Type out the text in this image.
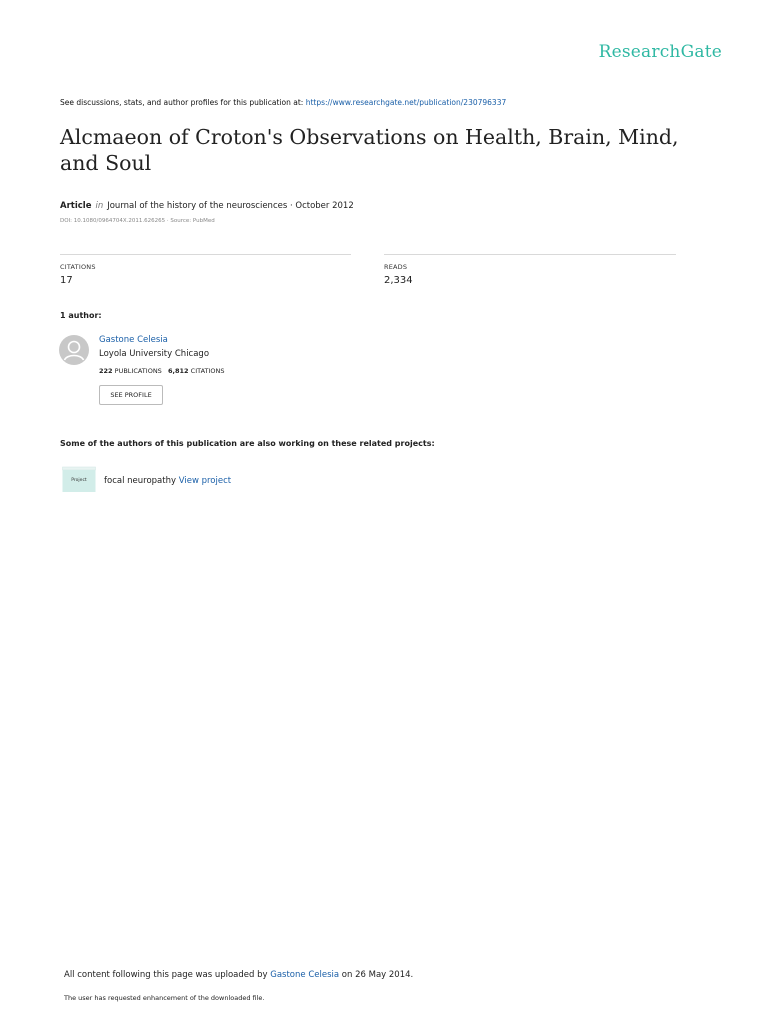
ResearchGate
See discussions, stats, and author profiles for this publication at: https://www.researchgate.net/publication/230796337
Alcmaeon of Croton's Observations on Health, Brain, Mind, and Soul
Article in Journal of the history of the neurosciences · October 2012
DOI: 10.1080/0964704X.2011.626265 · Source: PubMed
CITATIONS
17
READS
2,334
1 author:
Gastone Celesia
Loyola University Chicago
222 PUBLICATIONS 6,812 CITATIONS
SEE PROFILE
Some of the authors of this publication are also working on these related projects:
Project	focal neuropathy View project
All content following this page was uploaded by Gastone Celesia on 26 May 2014.
The user has requested enhancement of the downloaded file.
